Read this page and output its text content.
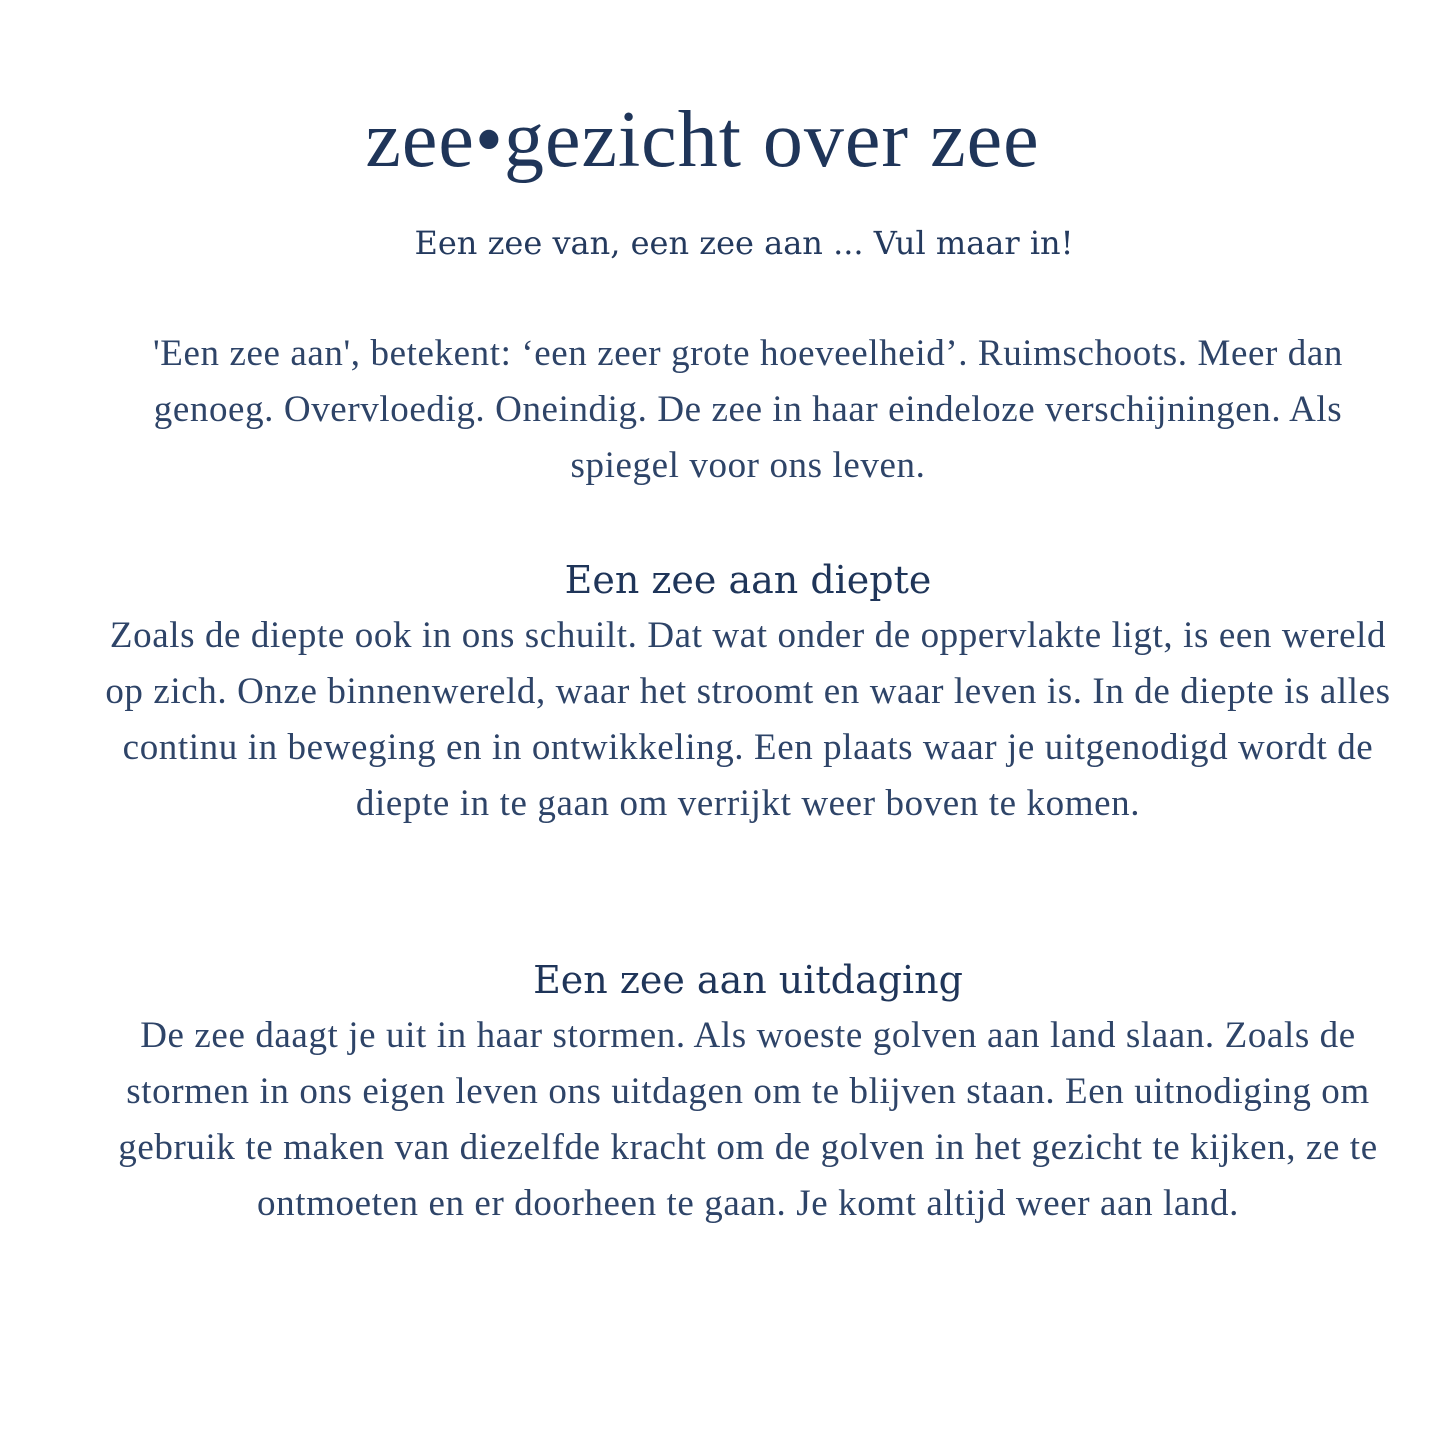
zee•gezicht over zee

Een zee van, een zee aan ... Vul maar in!

'Een zee aan', betekent: ‘een zeer grote hoeveelheid’. Ruimschoots. Meer dan genoeg. Overvloedig. Oneindig. De zee in haar eindeloze verschijningen. Als spiegel voor ons leven.

Een zee aan diepte

Zoals de diepte ook in ons schuilt. Dat wat onder de oppervlakte ligt, is een wereld op zich. Onze binnenwereld, waar het stroomt en waar leven is. In de diepte is alles continu in beweging en in ontwikkeling. Een plaats waar je uitgenodigd wordt de diepte in te gaan om verrijkt weer boven te komen.

Een zee aan uitdaging

De zee daagt je uit in haar stormen. Als woeste golven aan land slaan. Zoals de stormen in ons eigen leven ons uitdagen om te blijven staan. Een uitnodiging om gebruik te maken van diezelfde kracht om de golven in het gezicht te kijken, ze te ontmoeten en er doorheen te gaan. Je komt altijd weer aan land.
